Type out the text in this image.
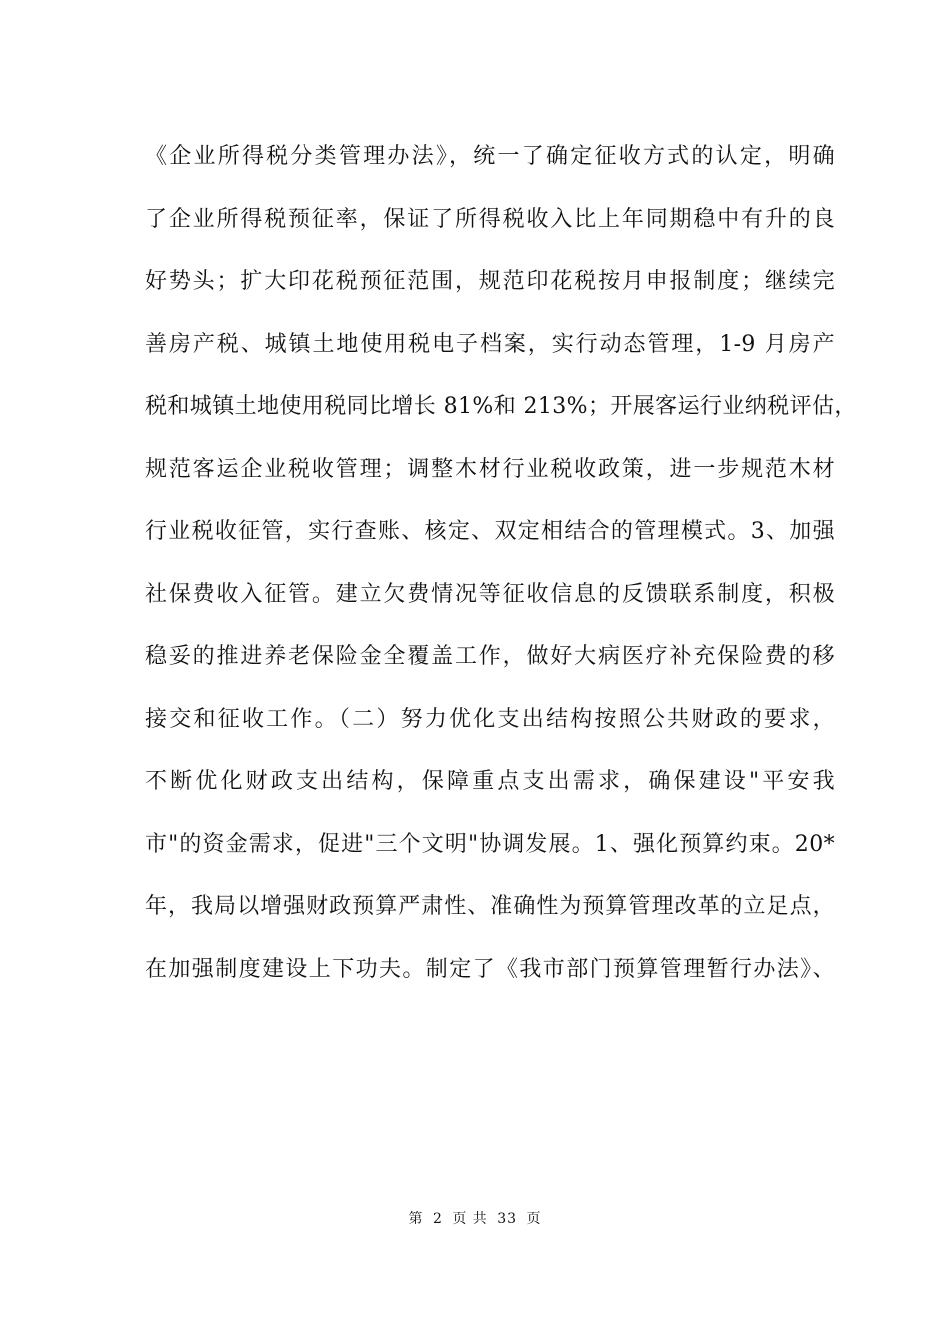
《企业所得税分类管理办法》，统一了确定征收方式的认定，明确
了企业所得税预征率，保证了所得税收入比上年同期稳中有升的良
好势头；扩大印花税预征范围，规范印花税按月申报制度；继续完
善房产税、城镇土地使用税电子档案，实行动态管理，1-9 月房产
税和城镇土地使用税同比增长 81%和 213%；开展客运行业纳税评估，
规范客运企业税收管理；调整木材行业税收政策，进一步规范木材
行业税收征管，实行查账、核定、双定相结合的管理模式。3、加强
社保费收入征管。建立欠费情况等征收信息的反馈联系制度，积极
稳妥的推进养老保险金全覆盖工作，做好大病医疗补充保险费的移
接交和征收工作。（二）努力优化支出结构按照公共财政的要求，
不断优化财政支出结构，保障重点支出需求，确保建设"平安我
市"的资金需求，促进"三个文明"协调发展。1、强化预算约束。20*
年，我局以增强财政预算严肃性、准确性为预算管理改革的立足点，
在加强制度建设上下功夫。制定了《我市部门预算管理暂行办法》、
第 2 页 共 33 页
